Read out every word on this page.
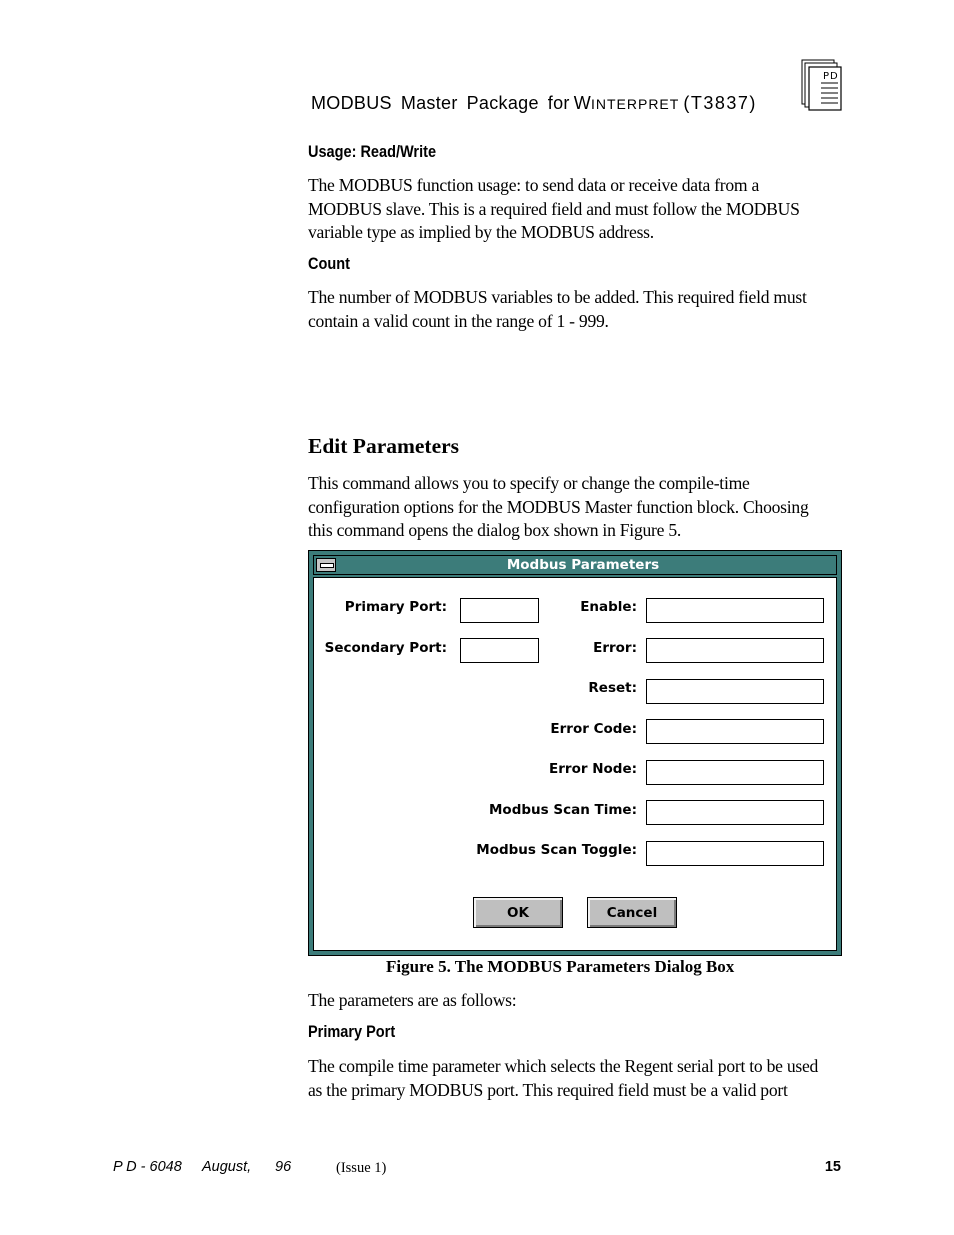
MODBUS Master Package for WINTERPRET (T3837)
PD
Usage: Read/Write
The MODBUS function usage: to send data or receive data from a
MODBUS slave. This is a required field and must follow the MODBUS
variable type as implied by the MODBUS address.
Count
The number of MODBUS variables to be added. This required field must
contain a valid count in the range of 1 - 999.
Edit Parameters
This command allows you to specify or change the compile-time
configuration options for the MODBUS Master function block. Choosing
this command opens the dialog box shown in Figure 5.
Modbus Parameters
Primary Port:
Secondary Port:
Enable:
Error:
Reset:
Error Code:
Error Node:
Modbus Scan Time:
Modbus Scan Toggle:
OK	Cancel
Figure 5. The MODBUS Parameters Dialog Box
The parameters are as follows:
Primary Port
The compile time parameter which selects the Regent serial port to be used
as the primary MODBUS port. This required field must be a valid port
P D - 6048 August, 96	(Issue 1)	15
